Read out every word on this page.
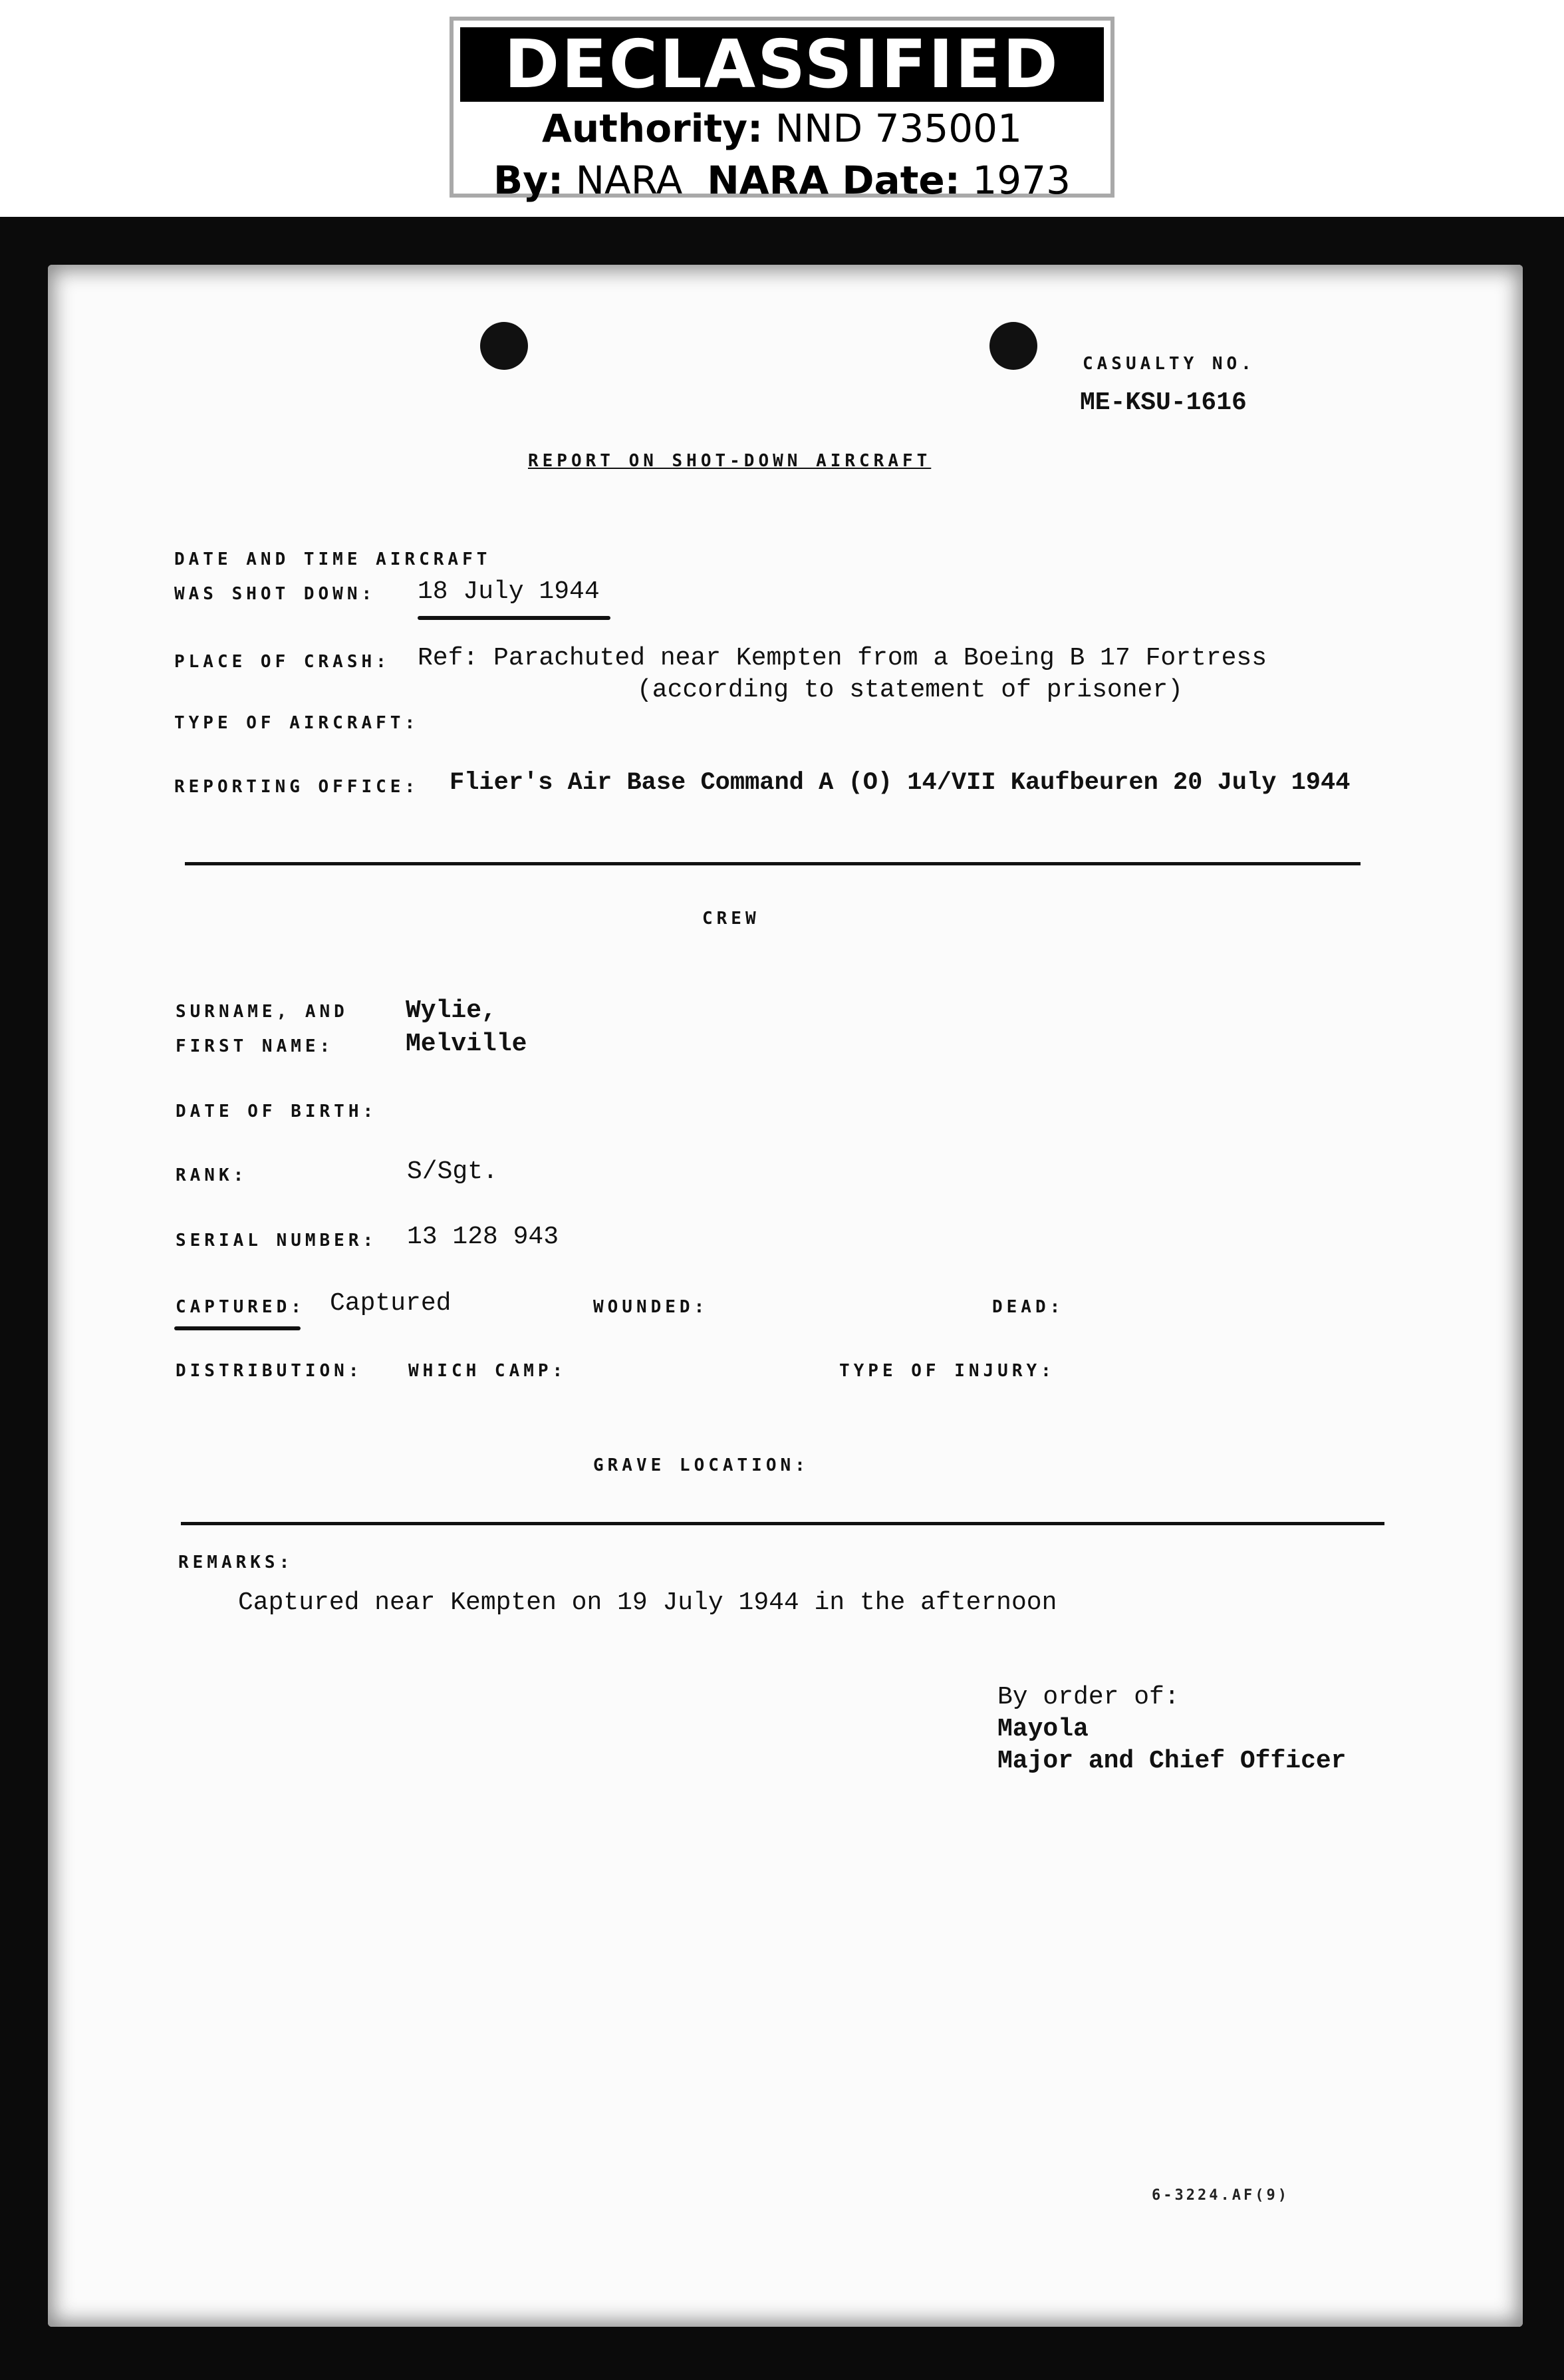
DECLASSIFIED
Authority: NND 735001
By: NARA NARA Date: 1973
CASUALTY NO.
ME-KSU-1616
REPORT ON SHOT-DOWN AIRCRAFT
DATE AND TIME AIRCRAFT
WAS SHOT DOWN: 18 July 1944
PLACE OF CRASH: Ref: Parachuted near Kempten from a Boeing B 17 Fortress
(according to statement of prisoner)
TYPE OF AIRCRAFT:
REPORTING OFFICE: Flier's Air Base Command A (O) 14/VII Kaufbeuren 20 July 1944
CREW
SURNAME, AND
FIRST NAME:
Wylie,
Melville
DATE OF BIRTH:
RANK:	S/Sgt.
SERIAL NUMBER: 13 128 943
CAPTURED: Captured	WOUNDED:	DEAD:
DISTRIBUTION:	WHICH CAMP:	TYPE OF INJURY:
GRAVE LOCATION:
REMARKS:
Captured near Kempten on 19 July 1944 in the afternoon
By order of:
Mayola
Major and Chief Officer
6-3224.AF(9)
